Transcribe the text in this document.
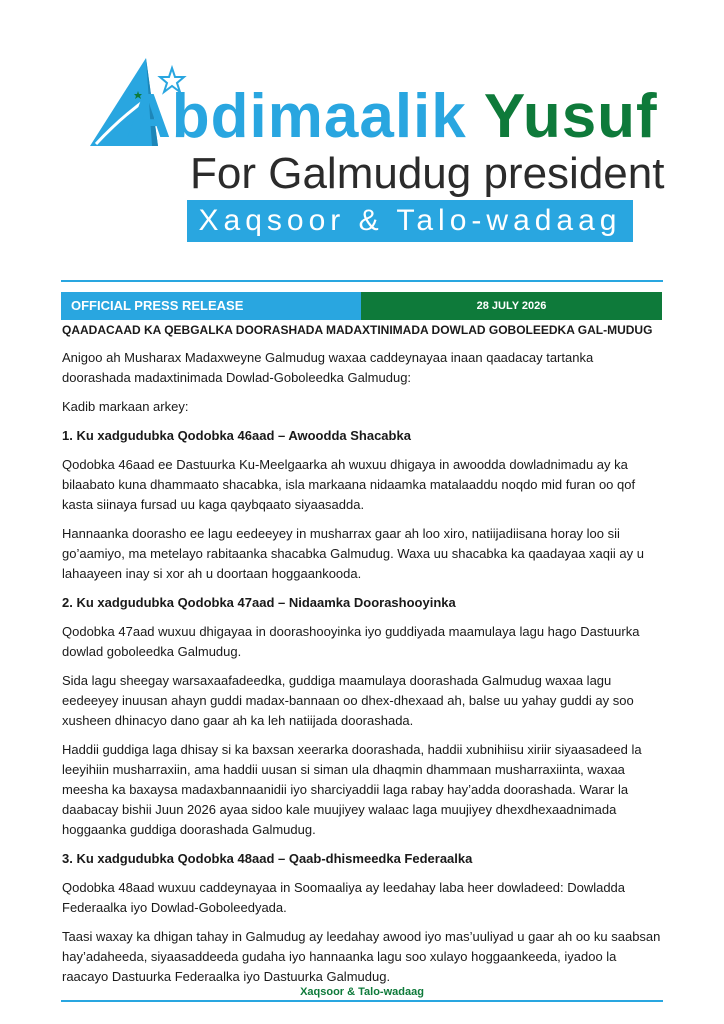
Abdimaalik Yusuf
For Galmudug president
Xaqsoor & Talo-wadaag
OFFICIAL PRESS RELEASE	28 JULY 2026
QAADACAAD KA QEBGALKA DOORASHADA MADAXTINIMADA DOWLAD GOBOLEEDKA GAL-MUDUG

Anigoo ah Musharax Madaxweyne Galmudug waxaa caddeynayaa inaan qaadacay tartanka doorashada madaxtinimada Dowlad-Goboleedka Galmudug:

Kadib markaan arkey:

1. Ku xadgudubka Qodobka 46aad – Awoodda Shacabka

Qodobka 46aad ee Dastuurka Ku-Meelgaarka ah wuxuu dhigaya in awoodda dowladnimadu ay ka bilaabato kuna dhammaato shacabka, isla markaana nidaamka matalaaddu noqdo mid furan oo qof kasta siinaya fursad uu kaga qaybqaato siyaasadda.

Hannaanka doorasho ee lagu eedeeyey in musharrax gaar ah loo xiro, natiijadiisana horay loo sii go’aamiyo, ma metelayo rabitaanka shacabka Galmudug. Waxa uu shacabka ka qaadayaa xaqii ay u lahaayeen inay si xor ah u doortaan hoggaankooda.

2. Ku xadgudubka Qodobka 47aad – Nidaamka Doorashooyinka

Qodobka 47aad wuxuu dhigayaa in doorashooyinka iyo guddiyada maamulaya lagu hago Dastuurka dowlad goboleedka Galmudug.

Sida lagu sheegay warsaxaafadeedka, guddiga maamulaya doorashada Galmudug waxaa lagu eedeeyey inuusan ahayn guddi madax-bannaan oo dhex-dhexaad ah, balse uu yahay guddi ay soo xusheen dhinacyo dano gaar ah ka leh natiijada doorashada.

Haddii guddiga laga dhisay si ka baxsan xeerarka doorashada, haddii xubnihiisu xiriir siyaasadeed la leeyihiin musharraxiin, ama haddii uusan si siman ula dhaqmin dhammaan musharraxiinta, waxaa meesha ka baxaysa madaxbannaanidii iyo sharciyaddii laga rabay hay’adda doorashada. Warar la daabacay bishii Juun 2026 ayaa sidoo kale muujiyey walaac laga muujiyey dhexdhexaadnimada hoggaanka guddiga doorashada Galmudug.

3. Ku xadgudubka Qodobka 48aad – Qaab-dhismeedka Federaalka

Qodobka 48aad wuxuu caddeynayaa in Soomaaliya ay leedahay laba heer dowladeed: Dowladda Federaalka iyo Dowlad-Goboleedyada.

Taasi waxay ka dhigan tahay in Galmudug ay leedahay awood iyo mas’uuliyad u gaar ah oo ku saabsan hay’adaheeda, siyaasaddeeda gudaha iyo hannaanka lagu soo xulayo hoggaankeeda, iyadoo la raacayo Dastuurka Federaalka iyo Dastuurka Galmudug.

Xaqsoor & Talo-wadaag
